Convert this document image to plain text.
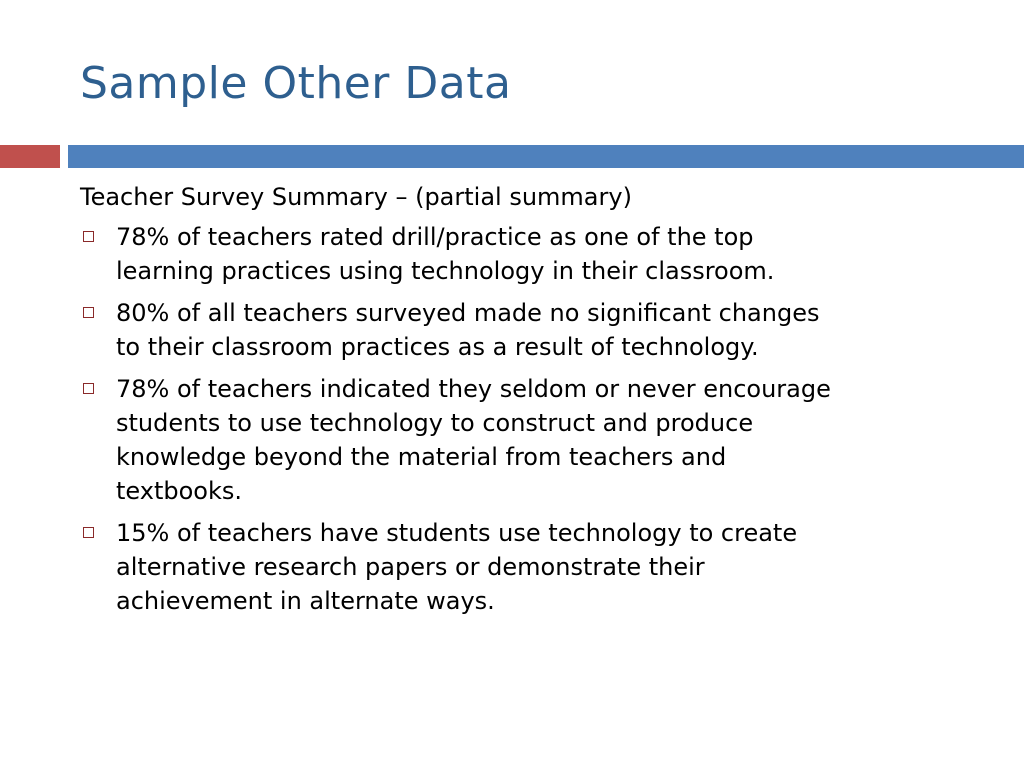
Sample Other Data

Teacher Survey Summary – (partial summary)

78% of teachers rated drill/practice as one of the top
learning practices using technology in their classroom.
80% of all teachers surveyed made no significant changes
to their classroom practices as a result of technology.
78% of teachers indicated they seldom or never encourage
students to use technology to construct and produce
knowledge beyond the material from teachers and
textbooks.
15% of teachers have students use technology to create
alternative research papers or demonstrate their
achievement in alternate ways.
